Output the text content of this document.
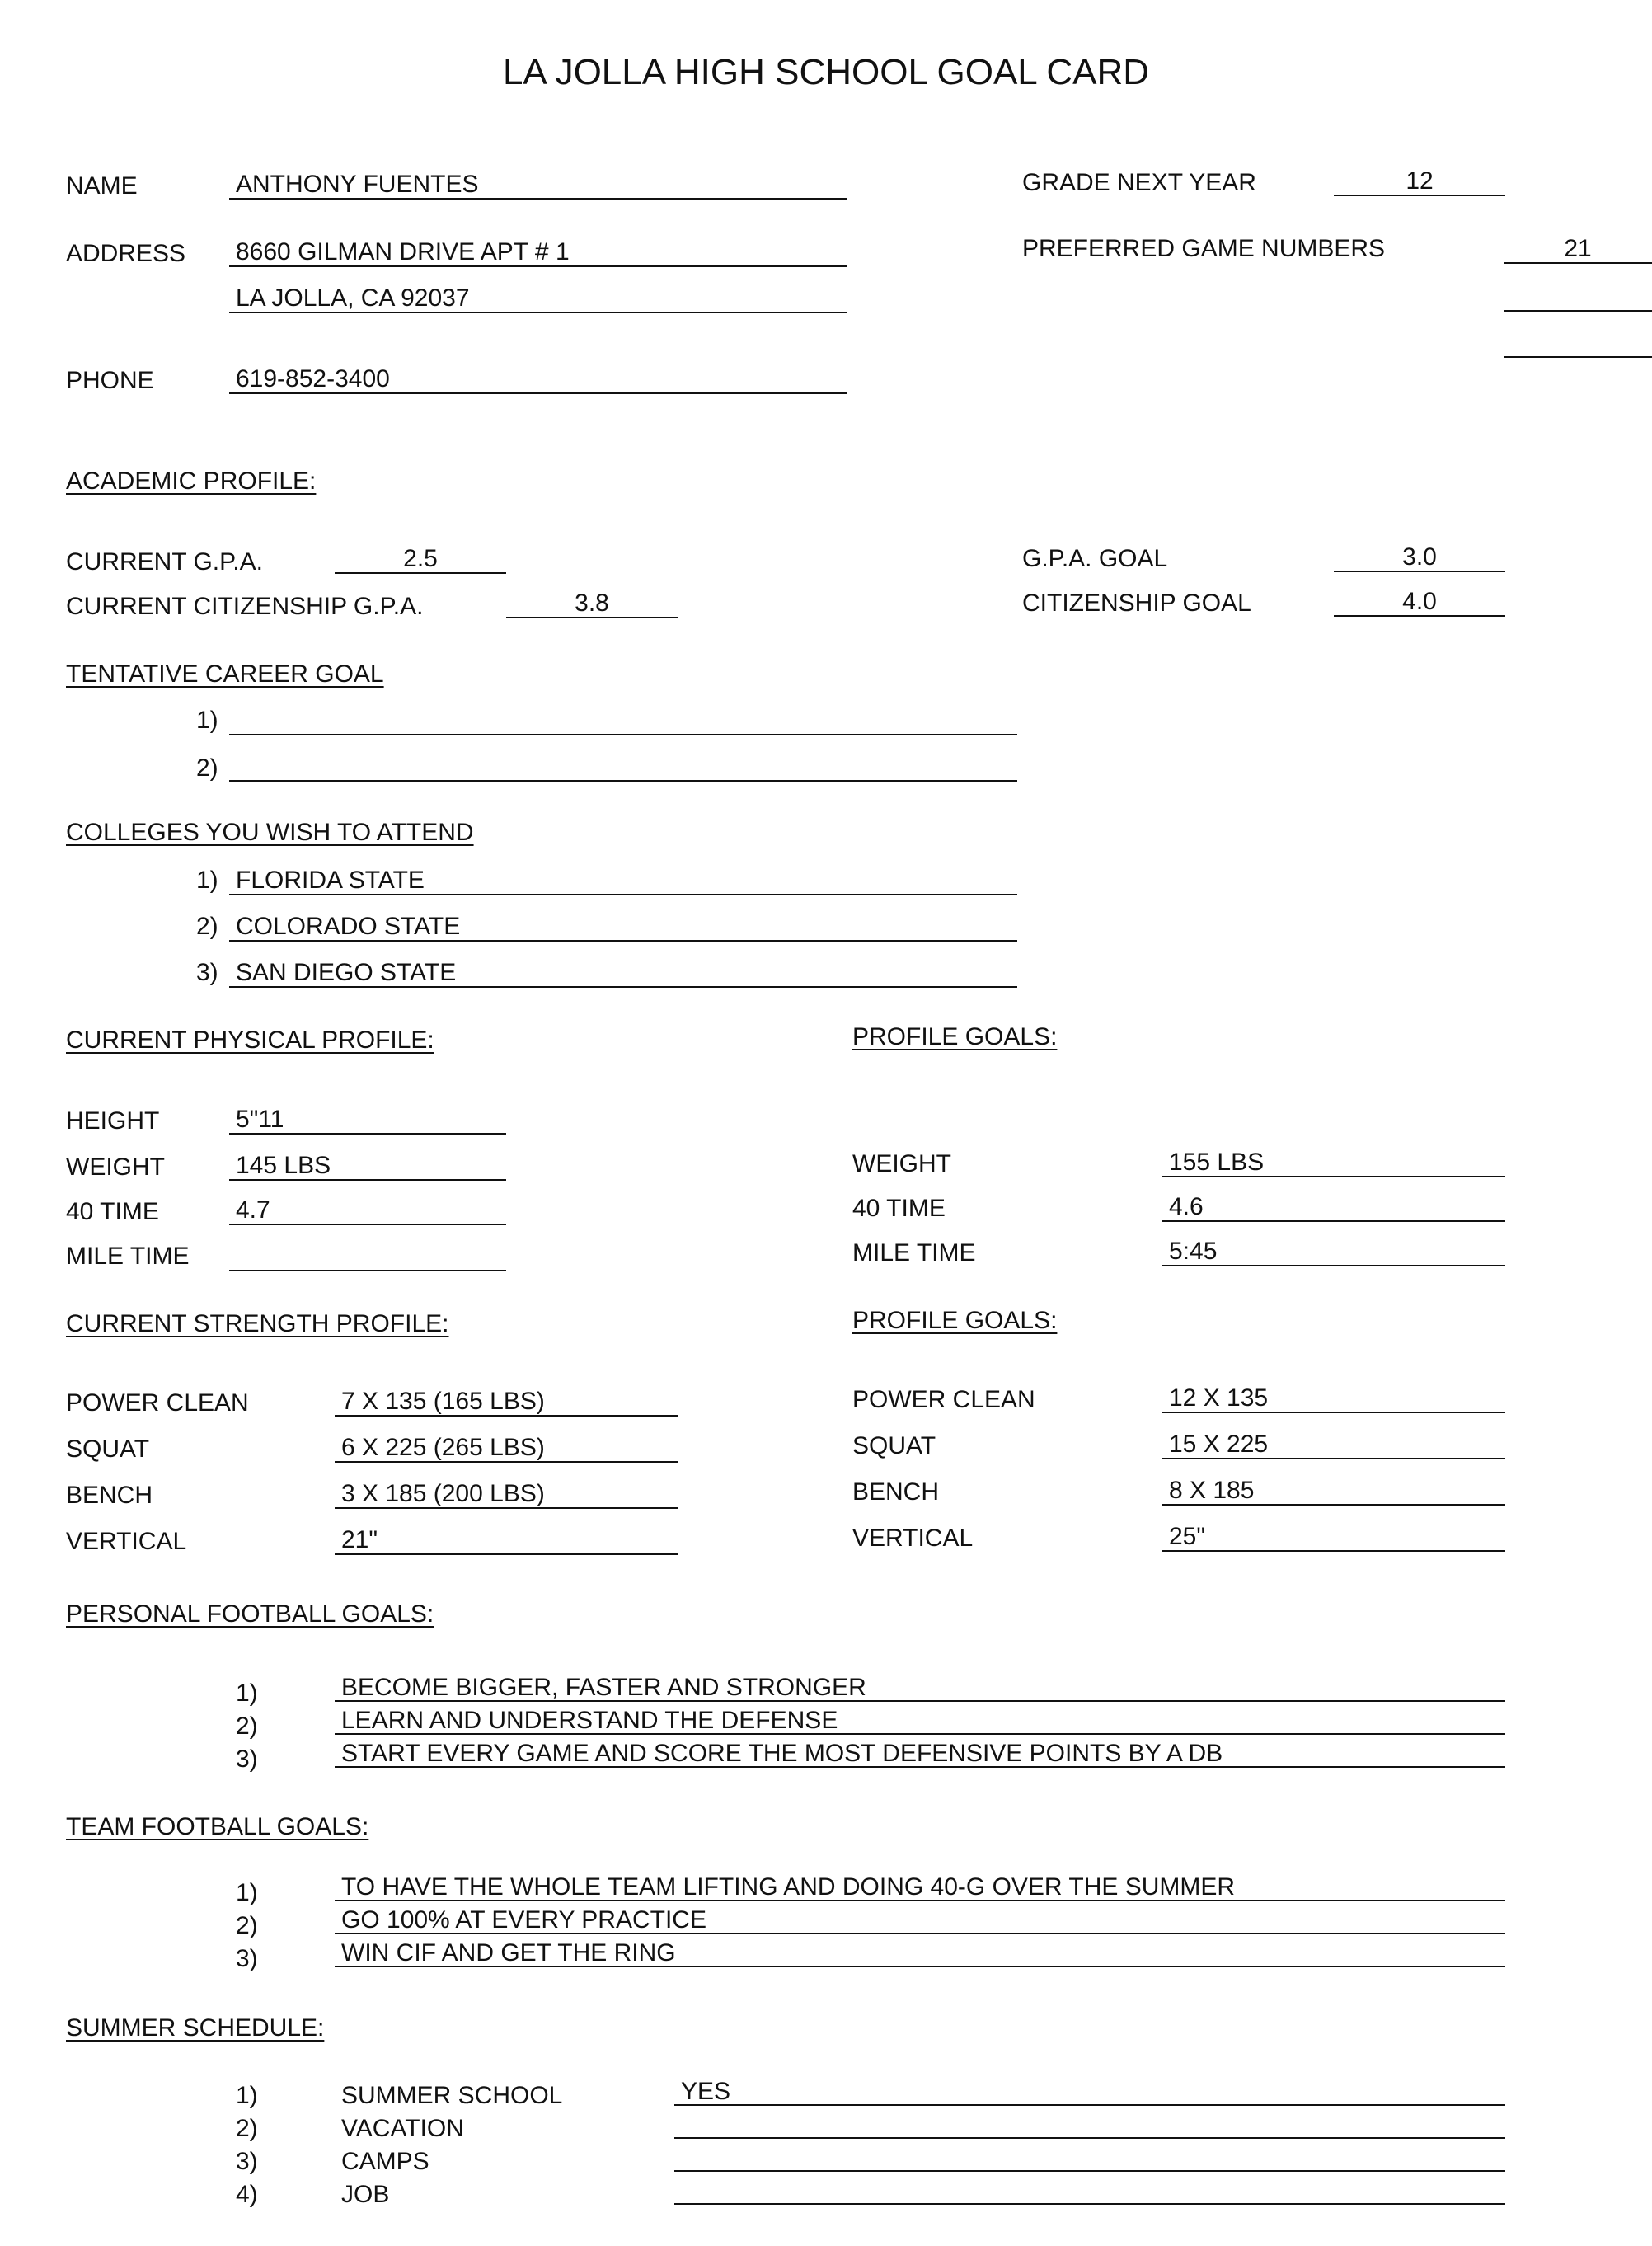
LA JOLLA HIGH SCHOOL GOAL CARD
NAME	ANTHONY FUENTES
ADDRESS 8660 GILMAN DRIVE APT # 1
LA JOLLA, CA 92037
PHONE	619-852-3400
GRADE NEXT YEAR	12
PREFERRED GAME NUMBERS	21
ACADEMIC PROFILE:
CURRENT G.P.A.	2.5
CURRENT CITIZENSHIP G.P.A.	3.8
G.P.A. GOAL	3.0
CITIZENSHIP GOAL	4.0
TENTATIVE CAREER GOAL
1)
2)
COLLEGES YOU WISH TO ATTEND
1) FLORIDA STATE
2) COLORADO STATE
3) SAN DIEGO STATE
CURRENT PHYSICAL PROFILE:	PROFILE GOALS:
HEIGHT	5"11
WEIGHT	145 LBS
40 TIME	4.7
MILE TIME
WEIGHT	155 LBS
40 TIME	4.6
MILE TIME	5:45
CURRENT STRENGTH PROFILE:	PROFILE GOALS:
POWER CLEAN	7 X 135 (165 LBS)
SQUAT	6 X 225 (265 LBS)
BENCH	3 X 185 (200 LBS)
VERTICAL	21"
POWER CLEAN	12 X 135
SQUAT	15 X 225
BENCH	8 X 185
VERTICAL	25"
PERSONAL FOOTBALL GOALS:
1)	BECOME BIGGER, FASTER AND STRONGER
2)	LEARN AND UNDERSTAND THE DEFENSE
3)	START EVERY GAME AND SCORE THE MOST DEFENSIVE POINTS BY A DB
TEAM FOOTBALL GOALS:
1)	TO HAVE THE WHOLE TEAM LIFTING AND DOING 40-G OVER THE SUMMER
2)	GO 100% AT EVERY PRACTICE
3)	WIN CIF AND GET THE RING
SUMMER SCHEDULE:
1)	SUMMER SCHOOL	YES
2)	VACATION
3)	CAMPS
4)	JOB
